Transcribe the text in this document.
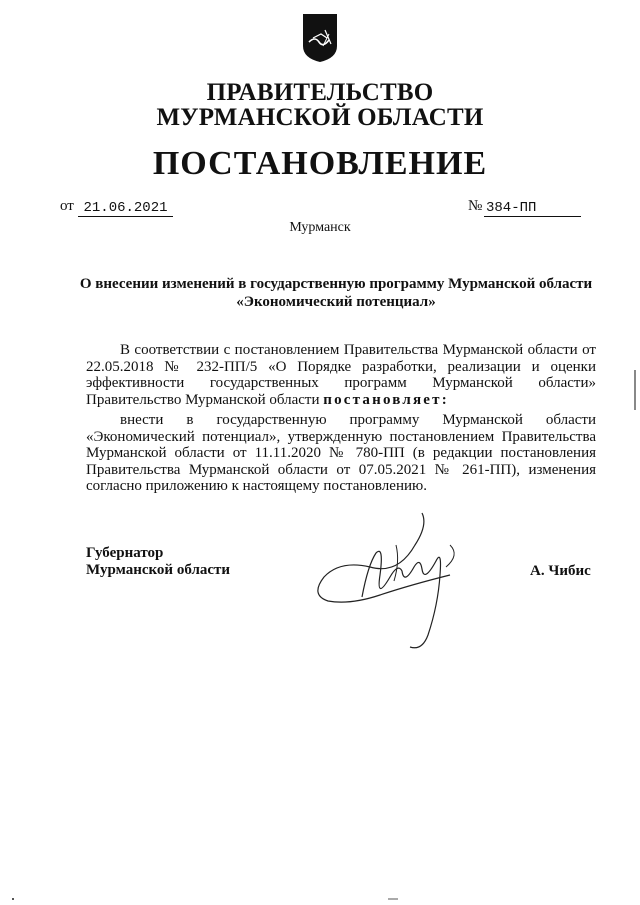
ПРАВИТЕЛЬСТВО
МУРМАНСКОЙ ОБЛАСТИ
ПОСТАНОВЛЕНИЕ
от 21.06.2021	№ 384-ПП
Мурманск
О внесении изменений в государственную программу Мурманской области
«Экономический потенциал»
В соответствии с постановлением Правительства Мурманской области от 22.05.2018 № 232-ПП/5 «О Порядке разработки, реализации и оценки эффективности государственных программ Мурманской области» Правительство Мурманской области постановляет:
внести в государственную программу Мурманской области «Экономический потенциал», утвержденную постановлением Правительства Мурманской области от 11.11.2020 № 780-ПП (в редакции постановления Правительства Мурманской области от 07.05.2021 № 261-ПП), изменения согласно приложению к настоящему постановлению.
Губернатор
Мурманской области	А. Чибис
